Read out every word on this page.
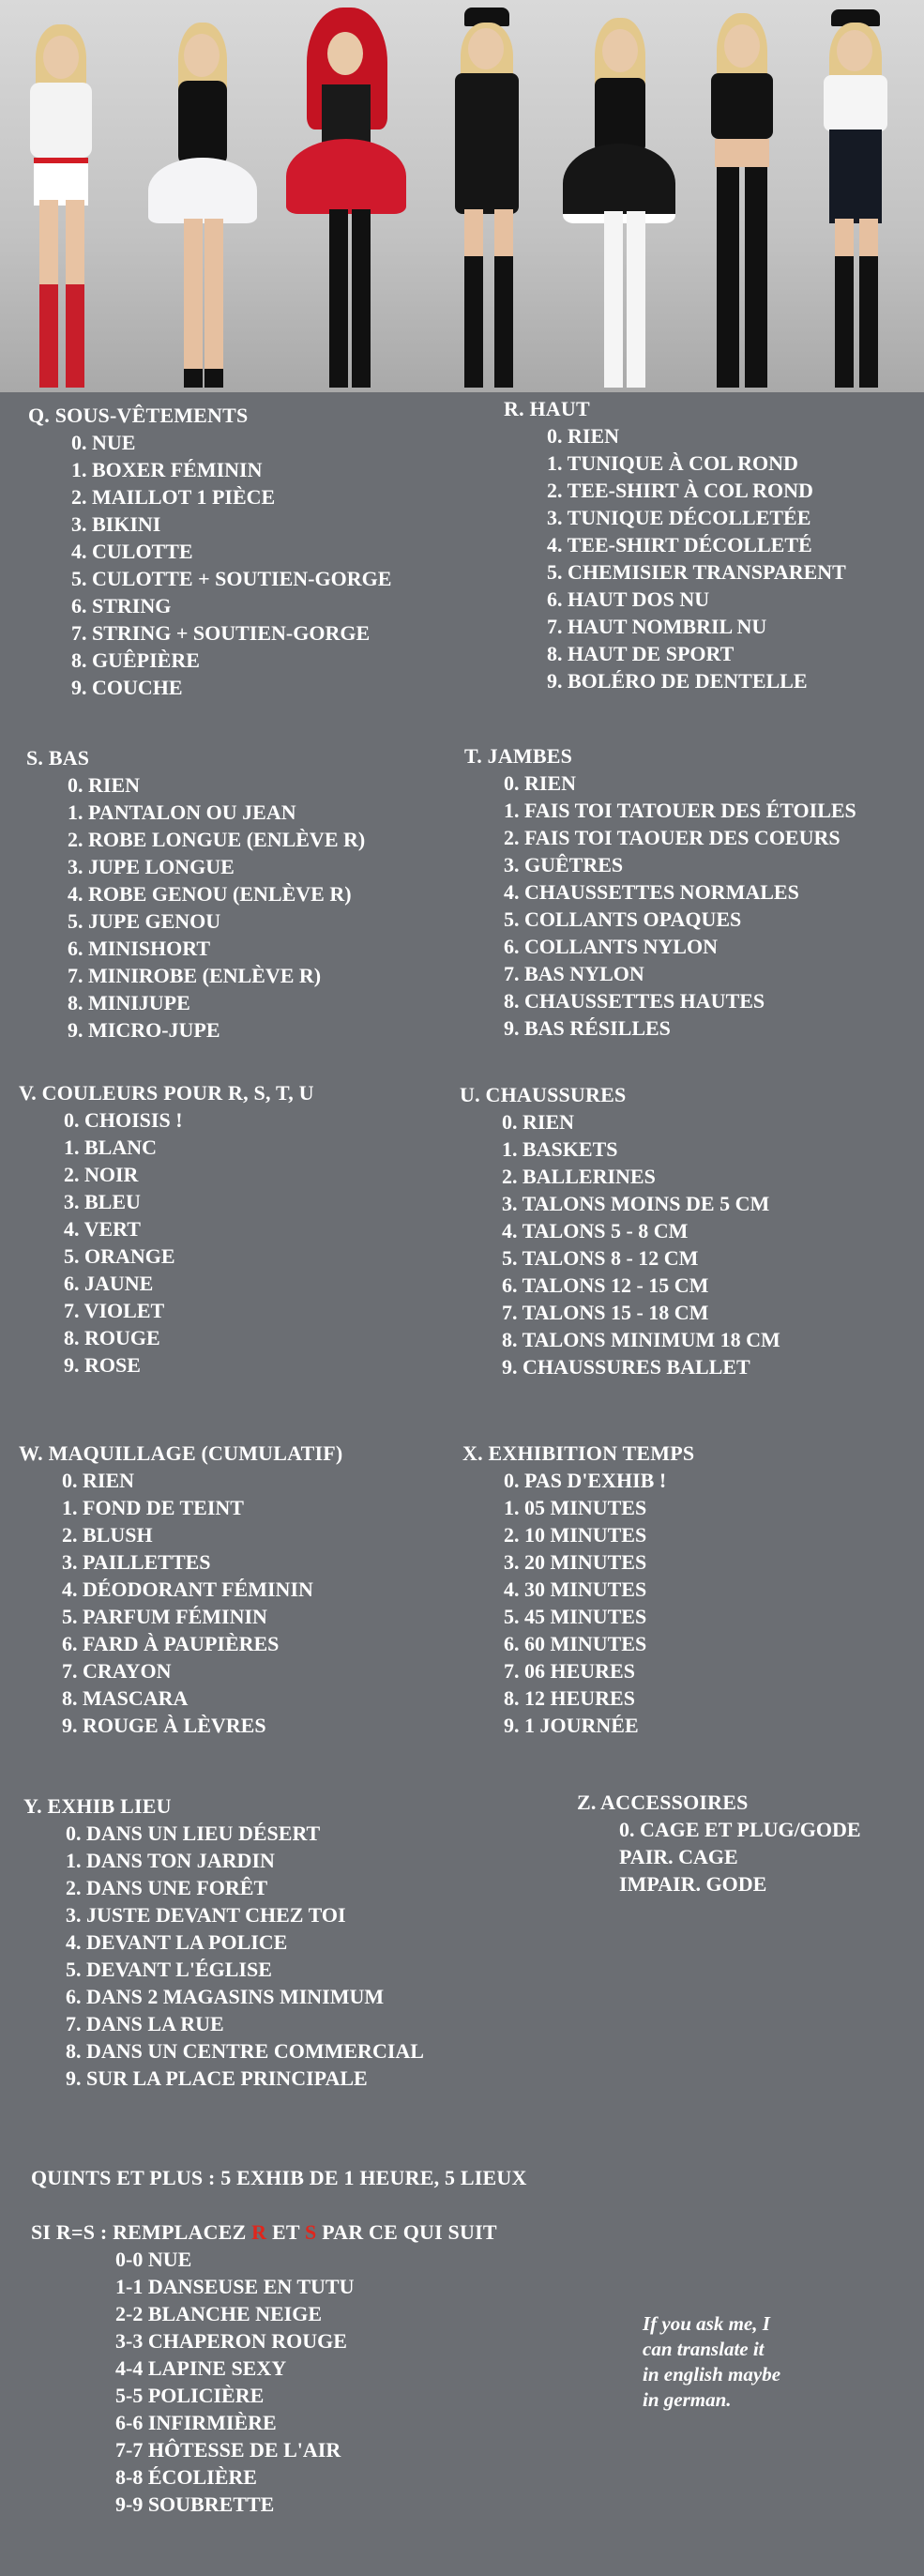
Q. SOUS-VÊTEMENTS

0. NUE
1. BOXER FÉMININ
2. MAILLOT 1 PIÈCE
3. BIKINI
4. CULOTTE
5. CULOTTE + SOUTIEN-GORGE
6. STRING
7. STRING + SOUTIEN-GORGE
8. GUÊPIÈRE
9. COUCHE

R. HAUT

0. RIEN
1. TUNIQUE À COL ROND
2. TEE-SHIRT À COL ROND
3. TUNIQUE DÉCOLLETÉE
4. TEE-SHIRT DÉCOLLETÉ
5. CHEMISIER TRANSPARENT
6. HAUT DOS NU
7. HAUT NOMBRIL NU
8. HAUT DE SPORT
9. BOLÉRO DE DENTELLE

S. BAS

0. RIEN
1. PANTALON OU JEAN
2. ROBE LONGUE (ENLÈVE R)
3. JUPE LONGUE
4. ROBE GENOU (ENLÈVE R)
5. JUPE GENOU
6. MINISHORT
7. MINIROBE (ENLÈVE R)
8. MINIJUPE
9. MICRO-JUPE

T. JAMBES

0. RIEN
1. FAIS TOI TATOUER DES ÉTOILES
2. FAIS TOI TAOUER DES COEURS
3. GUÊTRES
4. CHAUSSETTES NORMALES
5. COLLANTS OPAQUES
6. COLLANTS NYLON
7. BAS NYLON
8. CHAUSSETTES HAUTES
9. BAS RÉSILLES

V. COULEURS POUR R, S, T, U

0. CHOISIS !
1. BLANC
2. NOIR
3. BLEU
4. VERT
5. ORANGE
6. JAUNE
7. VIOLET
8. ROUGE
9. ROSE

U. CHAUSSURES

0. RIEN
1. BASKETS
2. BALLERINES
3. TALONS MOINS DE 5 CM
4. TALONS 5 - 8 CM
5. TALONS 8 - 12 CM
6. TALONS 12 - 15 CM
7. TALONS 15 - 18 CM
8. TALONS MINIMUM 18 CM
9. CHAUSSURES BALLET

W. MAQUILLAGE (CUMULATIF)

0. RIEN
1. FOND DE TEINT
2. BLUSH
3. PAILLETTES
4. DÉODORANT FÉMININ
5. PARFUM FÉMININ
6. FARD À PAUPIÈRES
7. CRAYON
8. MASCARA
9. ROUGE À LÈVRES

X. EXHIBITION TEMPS

0. PAS D'EXHIB !
1. 05 MINUTES
2. 10 MINUTES
3. 20 MINUTES
4. 30 MINUTES
5. 45 MINUTES
6. 60 MINUTES
7. 06 HEURES
8. 12 HEURES
9. 1 JOURNÉE

Y. EXHIB LIEU

0. DANS UN LIEU DÉSERT
1. DANS TON JARDIN
2. DANS UNE FORÊT
3. JUSTE DEVANT CHEZ TOI
4. DEVANT LA POLICE
5. DEVANT L'ÉGLISE
6. DANS 2 MAGASINS MINIMUM
7. DANS LA RUE
8. DANS UN CENTRE COMMERCIAL
9. SUR LA PLACE PRINCIPALE

Z. ACCESSOIRES

0. CAGE ET PLUG/GODE
PAIR. CAGE
IMPAIR. GODE

QUINTS ET PLUS : 5 EXHIB DE 1 HEURE, 5 LIEUX

SI R=S : REMPLACEZ R ET S PAR CE QUI SUIT

0-0 NUE
1-1 DANSEUSE EN TUTU
2-2 BLANCHE NEIGE
3-3 CHAPERON ROUGE
4-4 LAPINE SEXY
5-5 POLICIÈRE
6-6 INFIRMIÈRE
7-7 HÔTESSE DE L'AIR
8-8 ÉCOLIÈRE
9-9 SOUBRETTE
If you ask me, I
can translate it
in english maybe
in german.
